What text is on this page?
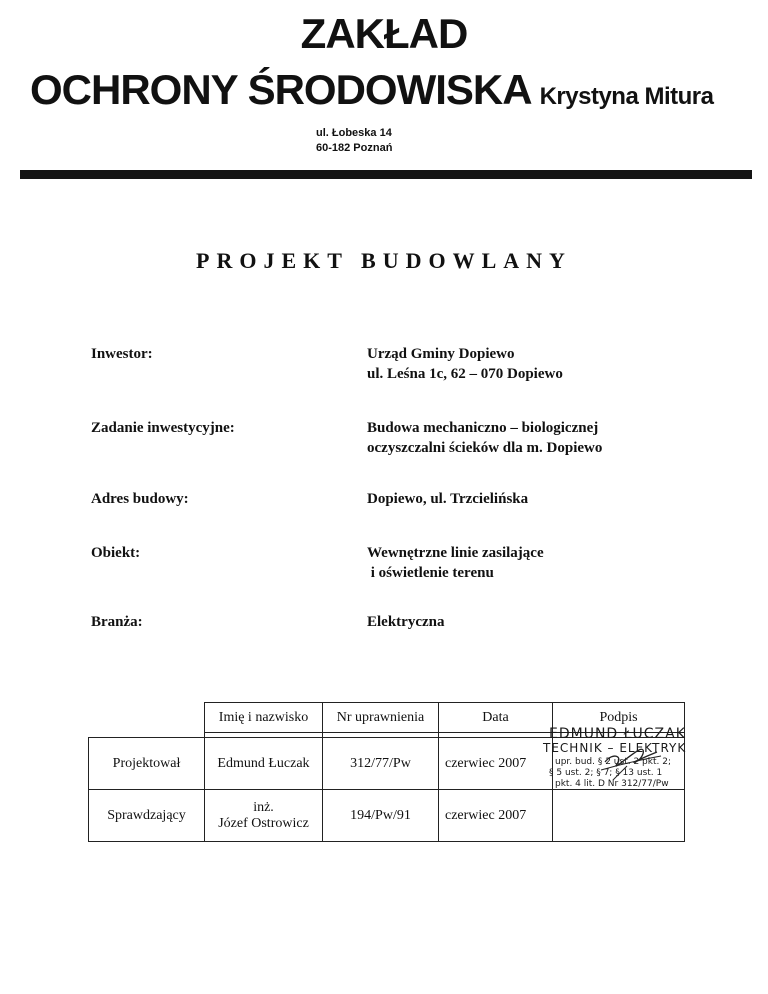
ZAKŁAD
OCHRONY ŚRODOWISKA Krystyna Mitura
ul. Łobeska 14
60-182 Poznań
PROJEKT BUDOWLANY
Inwestor:	Urząd Gminy Dopiewo
ul. Leśna 1c, 62 – 070 Dopiewo
Zadanie inwestycyjne:	Budowa mechaniczno – biologicznej
oczyszczalni ścieków dla m. Dopiewo
Adres budowy:	Dopiewo, ul. Trzcielińska
Obiekt:	Wewnętrzne linie zasilające
i oświetlenie terenu
Branża:	Elektryczna
	Imię i nazwisko	Nr uprawnienia	Data	Podpis

Projektował	Edmund Łuczak	312/77/Pw	czerwiec 2007	
Sprawdzający	inż.
Józef Ostrowicz	194/Pw/91	czerwiec 2007	
EDMUND ŁUCZAK
TECHNIK – ELEKTRYK
upr. bud. § 2 ust. 2 pkt. 2;
§ 5 ust. 2; § 7; § 13 ust. 1
pkt. 4 lit. D Nr 312/77/Pw
